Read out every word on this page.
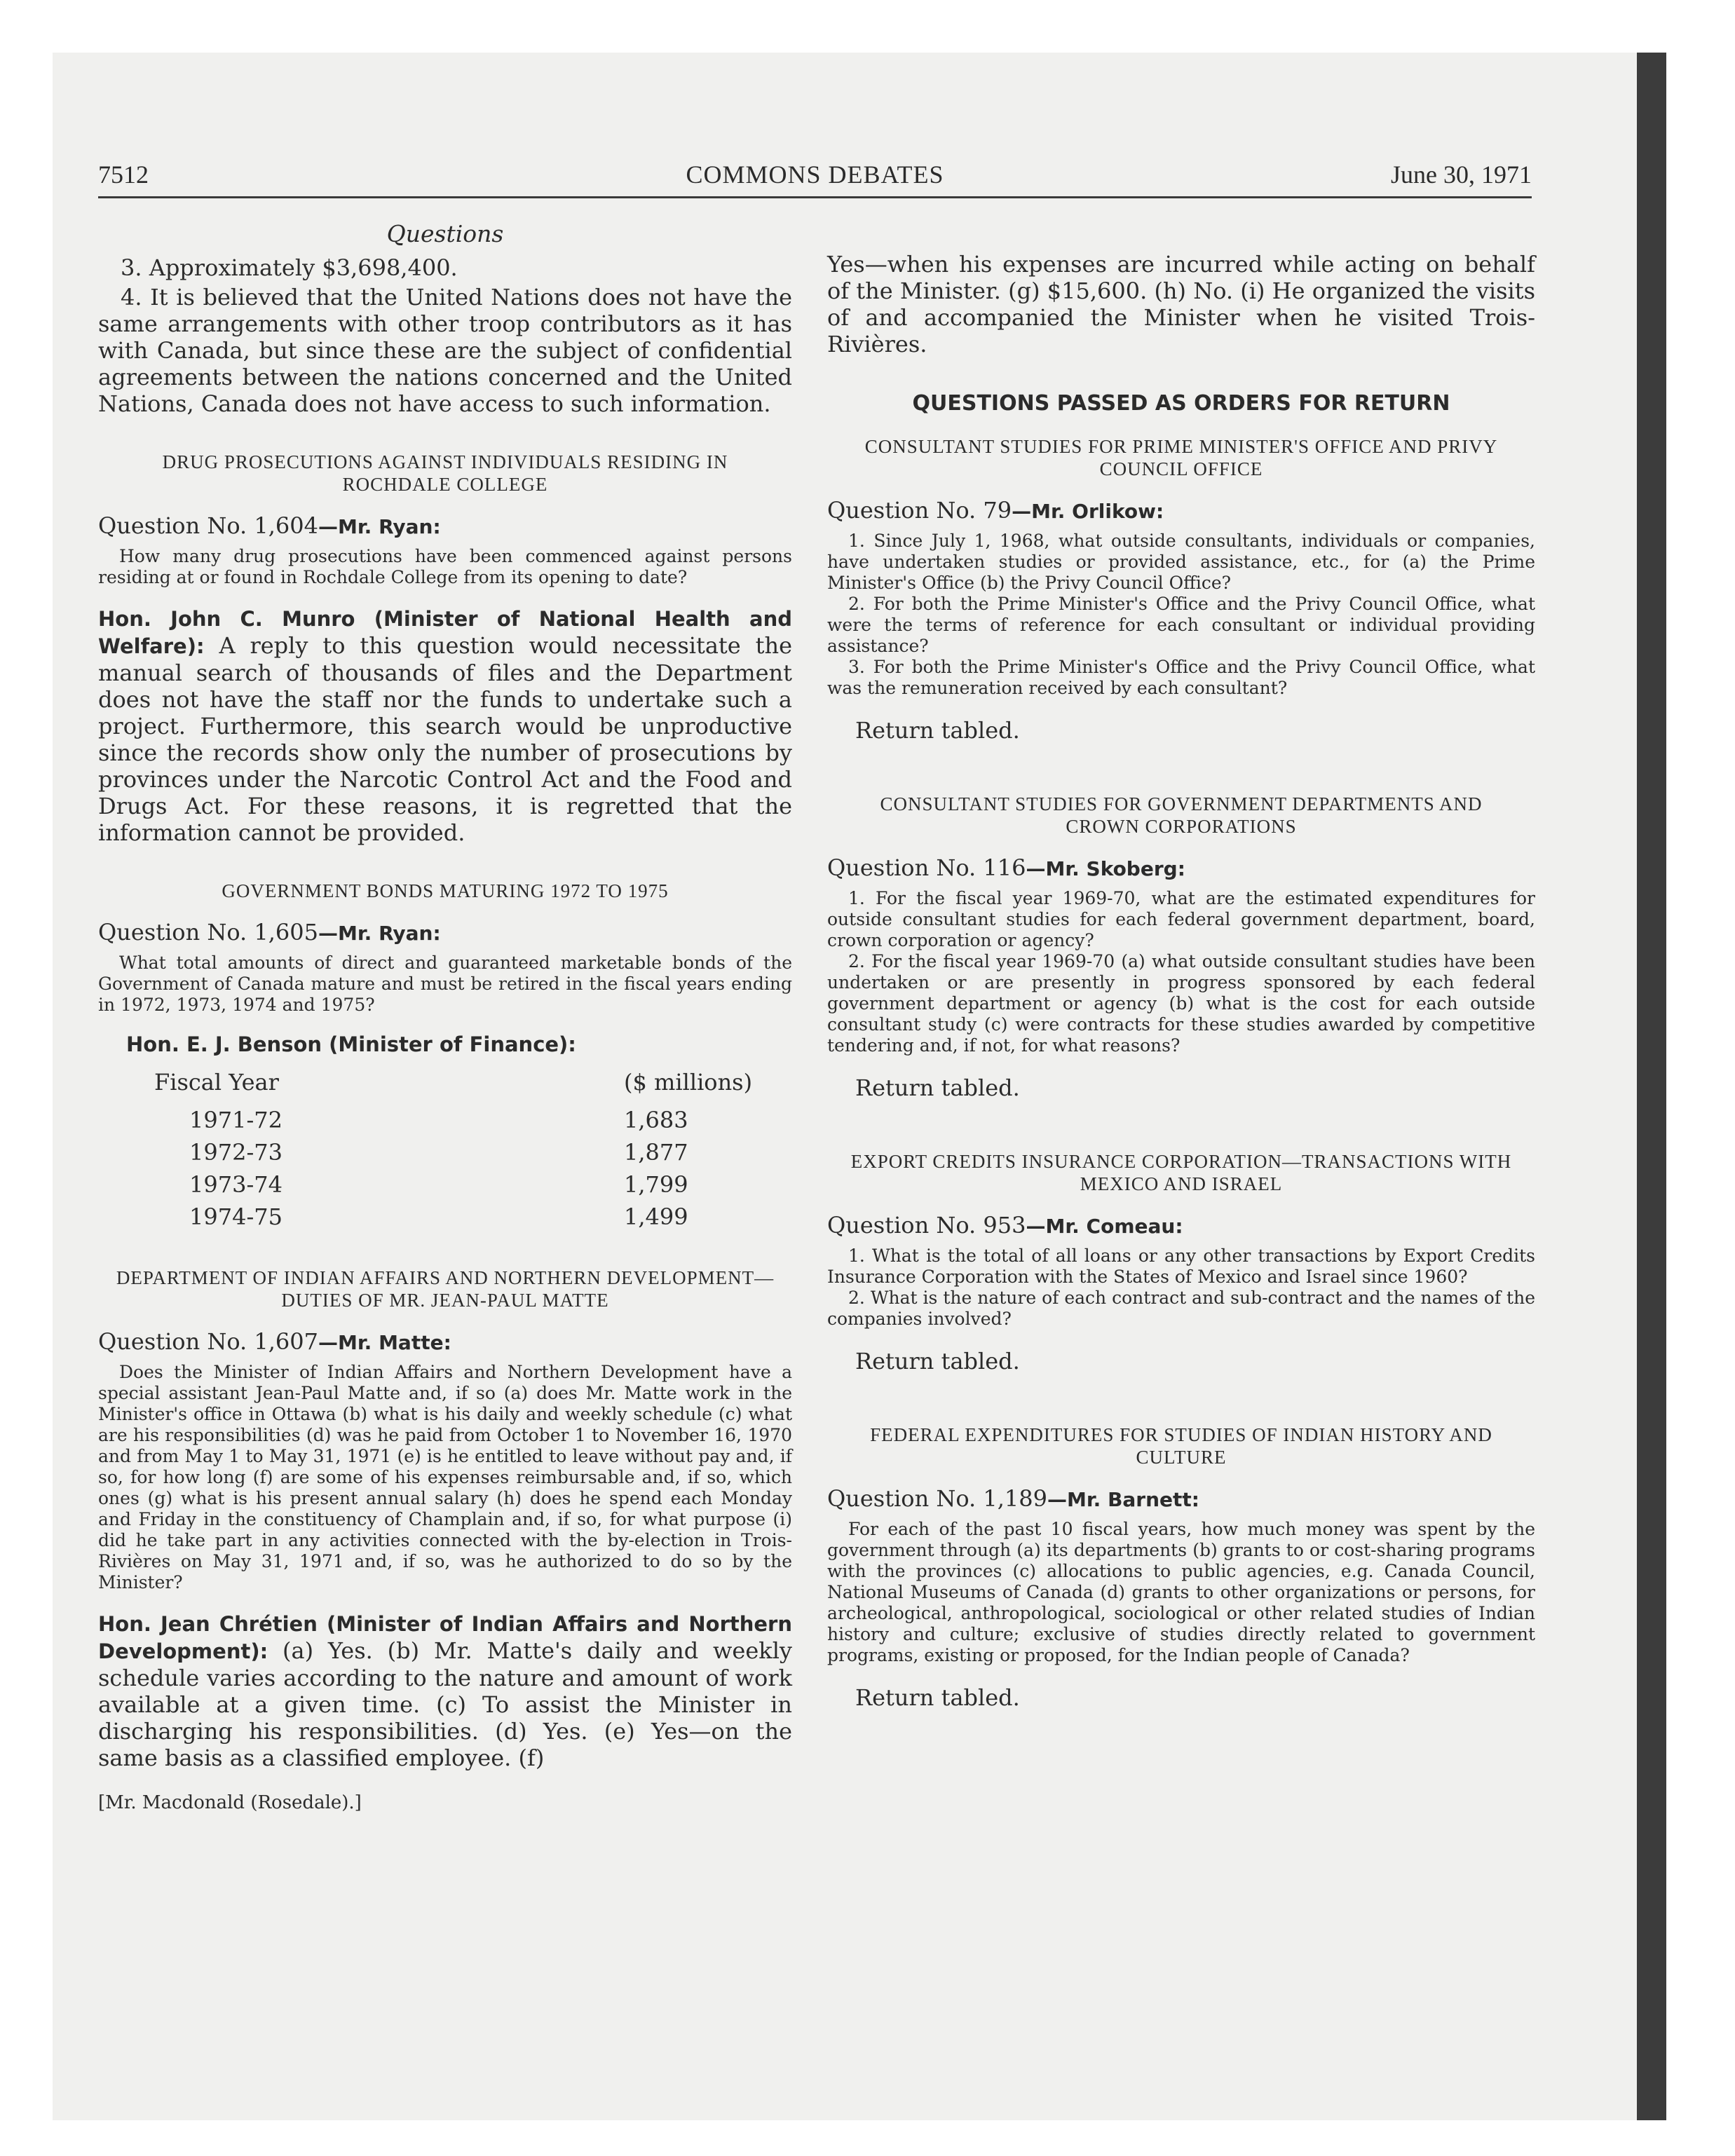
7512	COMMONS DEBATES	June 30, 1971
Questions

3. Approximately $3,698,400.

4. It is believed that the United Nations does not have the same arrangements with other troop contributors as it has with Canada, but since these are the subject of confidential agreements between the nations concerned and the United Nations, Canada does not have access to such information.

DRUG PROSECUTIONS AGAINST INDIVIDUALS RESIDING IN ROCHDALE COLLEGE
Question No. 1,604—Mr. Ryan:

How many drug prosecutions have been commenced against persons residing at or found in Rochdale College from its opening to date?

Hon. John C. Munro (Minister of National Health and Welfare): A reply to this question would necessitate the manual search of thousands of files and the Department does not have the staff nor the funds to undertake such a project. Furthermore, this search would be unproductive since the records show only the number of prosecutions by provinces under the Narcotic Control Act and the Food and Drugs Act. For these reasons, it is regretted that the information cannot be provided.

GOVERNMENT BONDS MATURING 1972 TO 1975
Question No. 1,605—Mr. Ryan:

What total amounts of direct and guaranteed marketable bonds of the Government of Canada mature and must be retired in the fiscal years ending in 1972, 1973, 1974 and 1975?

Hon. E. J. Benson (Minister of Finance):
Fiscal Year	($ millions)
1971-72	1,683
1972-73	1,877
1973-74	1,799
1974-75	1,499
DEPARTMENT OF INDIAN AFFAIRS AND NORTHERN DEVELOPMENT—DUTIES OF MR. JEAN-PAUL MATTE
Question No. 1,607—Mr. Matte:

Does the Minister of Indian Affairs and Northern Development have a special assistant Jean-Paul Matte and, if so (a) does Mr. Matte work in the Minister's office in Ottawa (b) what is his daily and weekly schedule (c) what are his responsibilities (d) was he paid from October 1 to November 16, 1970 and from May 1 to May 31, 1971 (e) is he entitled to leave without pay and, if so, for how long (f) are some of his expenses reimbursable and, if so, which ones (g) what is his present annual salary (h) does he spend each Monday and Friday in the constituency of Champlain and, if so, for what purpose (i) did he take part in any activities connected with the by-election in Trois-Rivières on May 31, 1971 and, if so, was he authorized to do so by the Minister?

Hon. Jean Chrétien (Minister of Indian Affairs and Northern Development): (a) Yes. (b) Mr. Matte's daily and weekly schedule varies according to the nature and amount of work available at a given time. (c) To assist the Minister in discharging his responsibilities. (d) Yes. (e) Yes—on the same basis as a classified employee. (f)

[Mr. Macdonald (Rosedale).]

Yes—when his expenses are incurred while acting on behalf of the Minister. (g) $15,600. (h) No. (i) He organized the visits of and accompanied the Minister when he visited Trois-Rivières.

QUESTIONS PASSED AS ORDERS FOR RETURN
CONSULTANT STUDIES FOR PRIME MINISTER'S OFFICE AND PRIVY COUNCIL OFFICE
Question No. 79—Mr. Orlikow:

1. Since July 1, 1968, what outside consultants, individuals or companies, have undertaken studies or provided assistance, etc., for (a) the Prime Minister's Office (b) the Privy Council Office?

2. For both the Prime Minister's Office and the Privy Council Office, what were the terms of reference for each consultant or individual providing assistance?

3. For both the Prime Minister's Office and the Privy Council Office, what was the remuneration received by each consultant?

Return tabled.
CONSULTANT STUDIES FOR GOVERNMENT DEPARTMENTS AND CROWN CORPORATIONS
Question No. 116—Mr. Skoberg:

1. For the fiscal year 1969-70, what are the estimated expenditures for outside consultant studies for each federal government department, board, crown corporation or agency?

2. For the fiscal year 1969-70 (a) what outside consultant studies have been undertaken or are presently in progress sponsored by each federal government department or agency (b) what is the cost for each outside consultant study (c) were contracts for these studies awarded by competitive tendering and, if not, for what reasons?

Return tabled.
EXPORT CREDITS INSURANCE CORPORATION—TRANSACTIONS WITH MEXICO AND ISRAEL
Question No. 953—Mr. Comeau:

1. What is the total of all loans or any other transactions by Export Credits Insurance Corporation with the States of Mexico and Israel since 1960?

2. What is the nature of each contract and sub-contract and the names of the companies involved?

Return tabled.
FEDERAL EXPENDITURES FOR STUDIES OF INDIAN HISTORY AND CULTURE
Question No. 1,189—Mr. Barnett:

For each of the past 10 fiscal years, how much money was spent by the government through (a) its departments (b) grants to or cost-sharing programs with the provinces (c) allocations to public agencies, e.g. Canada Council, National Museums of Canada (d) grants to other organizations or persons, for archeological, anthropological, sociological or other related studies of Indian history and culture; exclusive of studies directly related to government programs, existing or proposed, for the Indian people of Canada?

Return tabled.
